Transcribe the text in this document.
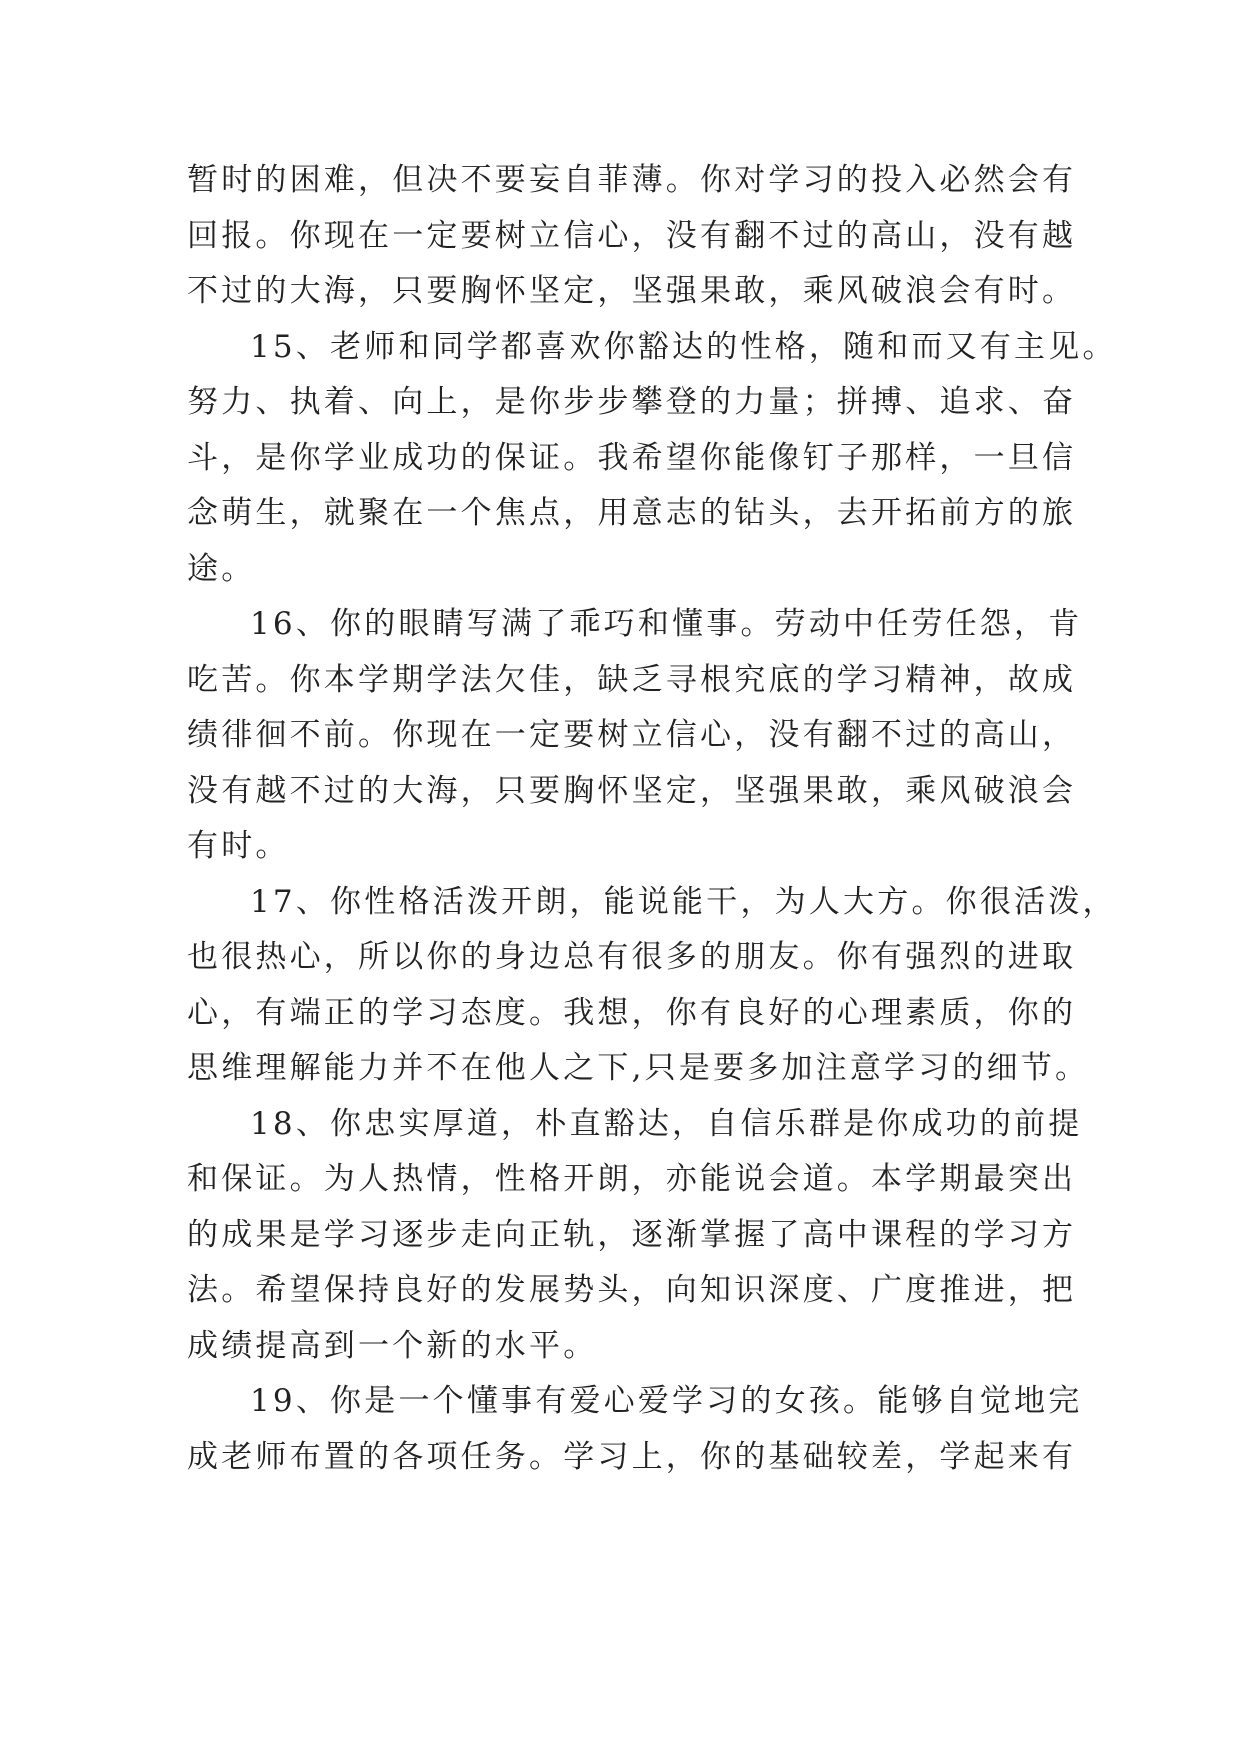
暂时的困难，但决不要妄自菲薄。你对学习的投入必然会有
回报。你现在一定要树立信心，没有翻不过的高山，没有越
不过的大海，只要胸怀坚定，坚强果敢，乘风破浪会有时。

15、老师和同学都喜欢你豁达的性格，随和而又有主见。
努力、执着、向上，是你步步攀登的力量；拼搏、追求、奋
斗，是你学业成功的保证。我希望你能像钉子那样，一旦信
念萌生，就聚在一个焦点，用意志的钻头，去开拓前方的旅
途。

16、你的眼睛写满了乖巧和懂事。劳动中任劳任怨，肯
吃苦。你本学期学法欠佳，缺乏寻根究底的学习精神，故成
绩徘徊不前。你现在一定要树立信心，没有翻不过的高山，
没有越不过的大海，只要胸怀坚定，坚强果敢，乘风破浪会
有时。

17、你性格活泼开朗，能说能干，为人大方。你很活泼，
也很热心，所以你的身边总有很多的朋友。你有强烈的进取
心，有端正的学习态度。我想，你有良好的心理素质，你的
思维理解能力并不在他人之下,只是要多加注意学习的细节。

18、你忠实厚道，朴直豁达，自信乐群是你成功的前提
和保证。为人热情，性格开朗，亦能说会道。本学期最突出
的成果是学习逐步走向正轨，逐渐掌握了高中课程的学习方
法。希望保持良好的发展势头，向知识深度、广度推进，把
成绩提高到一个新的水平。

19、你是一个懂事有爱心爱学习的女孩。能够自觉地完
成老师布置的各项任务。学习上，你的基础较差，学起来有
